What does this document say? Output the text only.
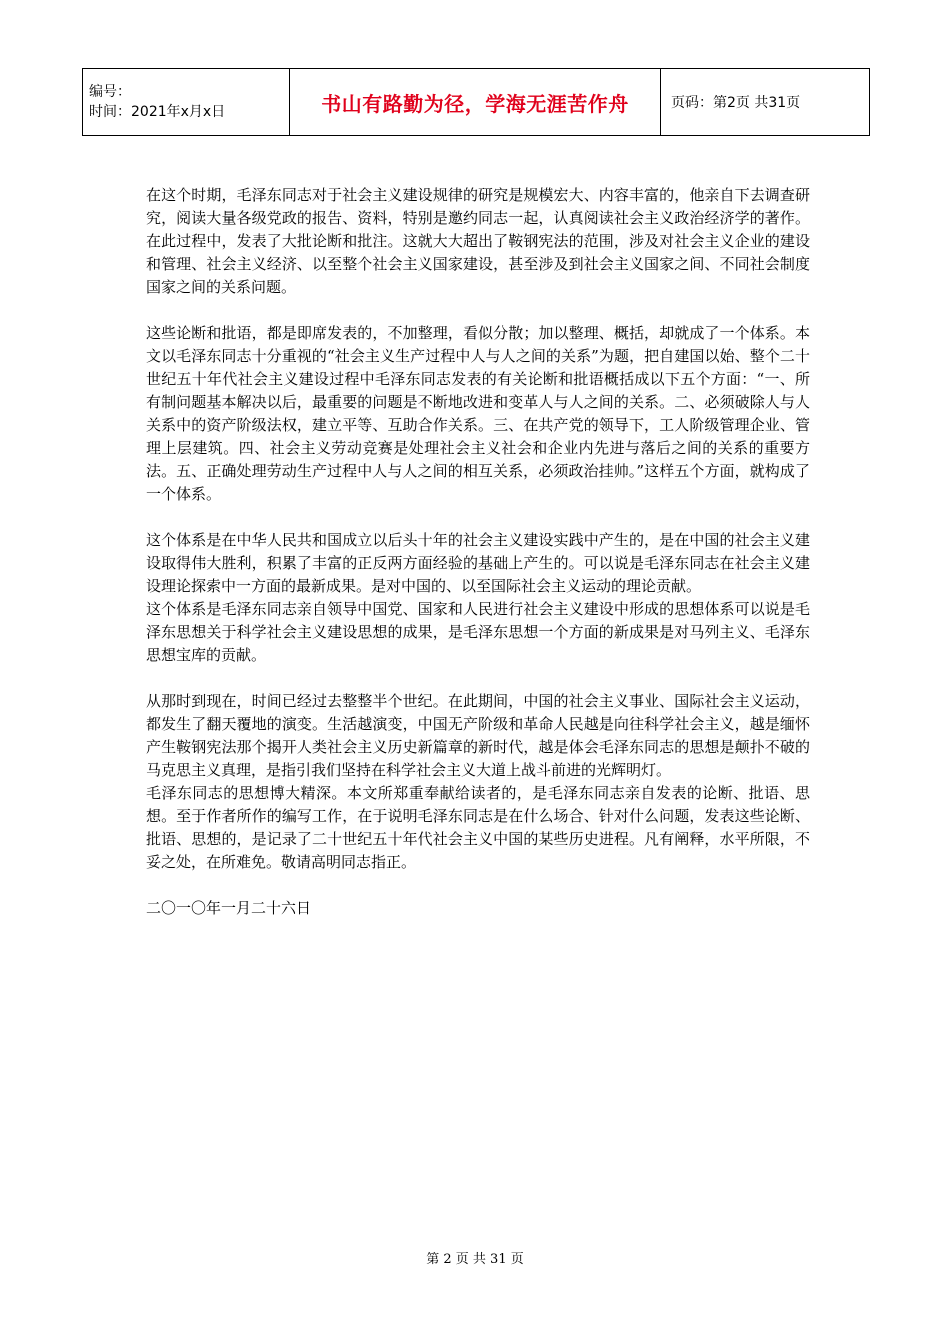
编号：
时间：2021年x月x日	书山有路勤为径，学海无涯苦作舟	页码：第2页 共31页

在这个时期，毛泽东同志对于社会主义建设规律的研究是规模宏大、内容丰富的，他亲自下去调查研究，阅读大量各级党政的报告、资料，特别是邀约同志一起，认真阅读社会主义政治经济学的著作。在此过程中，发表了大批论断和批注。这就大大超出了鞍钢宪法的范围，涉及对社会主义企业的建设和管理、社会主义经济、以至整个社会主义国家建设，甚至涉及到社会主义国家之间、不同社会制度国家之间的关系问题。

这些论断和批语，都是即席发表的，不加整理，看似分散；加以整理、概括，却就成了一个体系。本文以毛泽东同志十分重视的“社会主义生产过程中人与人之间的关系”为题，把自建国以始、整个二十世纪五十年代社会主义建设过程中毛泽东同志发表的有关论断和批语概括成以下五个方面：“一、所有制问题基本解决以后，最重要的问题是不断地改进和变革人与人之间的关系。二、必须破除人与人关系中的资产阶级法权，建立平等、互助合作关系。三、在共产党的领导下，工人阶级管理企业、管理上层建筑。四、社会主义劳动竞赛是处理社会主义社会和企业内先进与落后之间的关系的重要方法。五、正确处理劳动生产过程中人与人之间的相互关系，必须政治挂帅。”这样五个方面，就构成了一个体系。

这个体系是在中华人民共和国成立以后头十年的社会主义建设实践中产生的，是在中国的社会主义建设取得伟大胜利，积累了丰富的正反两方面经验的基础上产生的。可以说是毛泽东同志在社会主义建设理论探索中一方面的最新成果。是对中国的、以至国际社会主义运动的理论贡献。

这个体系是毛泽东同志亲自领导中国党、国家和人民进行社会主义建设中形成的思想体系可以说是毛泽东思想关于科学社会主义建设思想的成果，是毛泽东思想一个方面的新成果是对马列主义、毛泽东思想宝库的贡献。

从那时到现在，时间已经过去整整半个世纪。在此期间，中国的社会主义事业、国际社会主义运动，都发生了翻天覆地的演变。生活越演变，中国无产阶级和革命人民越是向往科学社会主义，越是缅怀产生鞍钢宪法那个揭开人类社会主义历史新篇章的新时代，越是体会毛泽东同志的思想是颠扑不破的马克思主义真理，是指引我们坚持在科学社会主义大道上战斗前进的光辉明灯。

毛泽东同志的思想博大精深。本文所郑重奉献给读者的，是毛泽东同志亲自发表的论断、批语、思想。至于作者所作的编写工作，在于说明毛泽东同志是在什么场合、针对什么问题，发表这些论断、批语、思想的，是记录了二十世纪五十年代社会主义中国的某些历史进程。凡有阐释，水平所限，不妥之处，在所难免。敬请高明同志指正。

二〇一〇年一月二十六日

第 2 页 共 31 页
